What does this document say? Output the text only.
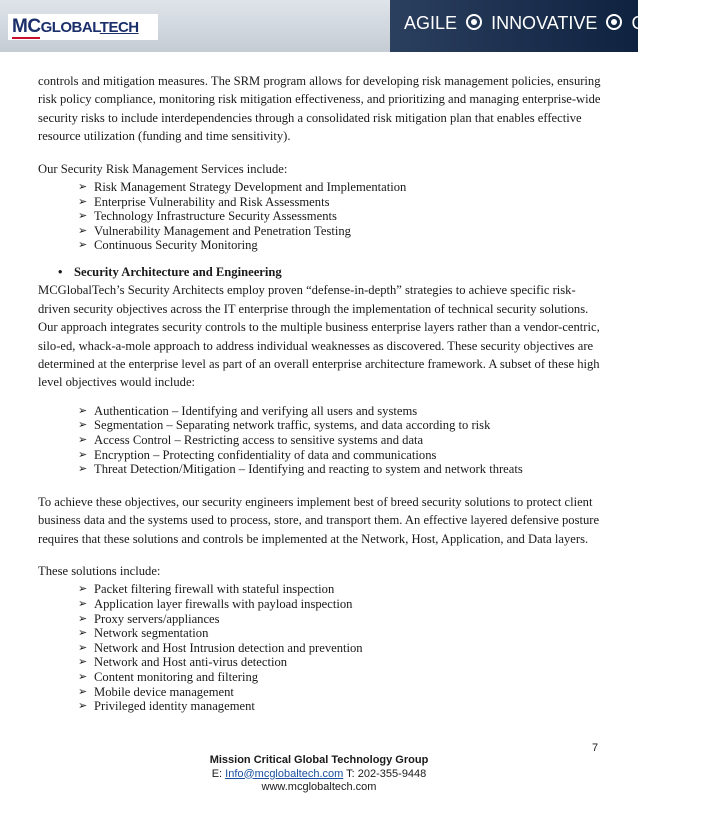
MCGLOBALTECH	AGILE INNOVATIVE GLOBAL

controls and mitigation measures. The SRM program allows for developing risk management policies, ensuring risk policy compliance, monitoring risk mitigation effectiveness, and prioritizing and managing enterprise-wide security risks to include interdependencies through a consolidated risk mitigation plan that enables effective resource utilization (funding and time sensitivity).

Our Security Risk Management Services include:

➢ Risk Management Strategy Development and Implementation
➢ Enterprise Vulnerability and Risk Assessments
➢ Technology Infrastructure Security Assessments
➢ Vulnerability Management and Penetration Testing
➢ Continuous Security Monitoring

• Security Architecture and Engineering

MCGlobalTech’s Security Architects employ proven “defense-in-depth” strategies to achieve specific risk-driven security objectives across the IT enterprise through the implementation of technical security solutions. Our approach integrates security controls to the multiple business enterprise layers rather than a vendor-centric, silo-ed, whack-a-mole approach to address individual weaknesses as discovered. These security objectives are determined at the enterprise level as part of an overall enterprise architecture framework. A subset of these high level objectives would include:

➢ Authentication – Identifying and verifying all users and systems
➢ Segmentation – Separating network traffic, systems, and data according to risk
➢ Access Control – Restricting access to sensitive systems and data
➢ Encryption – Protecting confidentiality of data and communications
➢ Threat Detection/Mitigation – Identifying and reacting to system and network threats

To achieve these objectives, our security engineers implement best of breed security solutions to protect client business data and the systems used to process, store, and transport them. An effective layered defensive posture requires that these solutions and controls be implemented at the Network, Host, Application, and Data layers.

These solutions include:

➢ Packet filtering firewall with stateful inspection
➢ Application layer firewalls with payload inspection
➢ Proxy servers/appliances
➢ Network segmentation
➢ Network and Host Intrusion detection and prevention
➢ Network and Host anti-virus detection
➢ Content monitoring and filtering
➢ Mobile device management
➢ Privileged identity management
7
Mission Critical Global Technology Group
E: Info@mcglobaltech.com T: 202-355-9448
www.mcglobaltech.com
